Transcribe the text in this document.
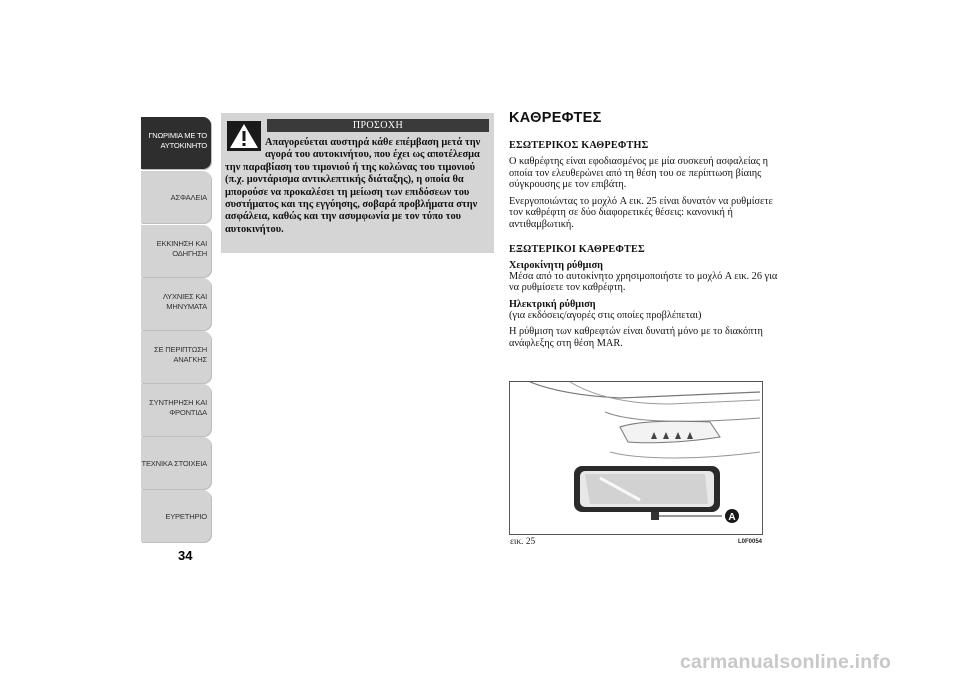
ΓΝΩΡΙΜΙΑ ΜΕ ΤΟ
ΑΥΤΟΚΙΝΗΤΟ
ΑΣΦΑΛΕΙΑ
ΕΚΚΙΝΗΣΗ ΚΑΙ
ΟΔΗΓΗΣΗ
ΛΥΧΝΙΕΣ ΚΑΙ
ΜΗΝΥΜΑΤΑ
ΣΕ ΠΕΡΙΠΤΩΣΗ
ΑΝΑΓΚΗΣ
ΣΥΝΤΗΡΗΣΗ ΚΑΙ
ΦΡΟΝΤΙΔΑ
ΤΕΧΝΙΚΑ ΣΤΟΙΧΕΙΑ
ΕΥΡΕΤΗΡΙΟ
34
ΠΡΟΣΟΧΗ
Απαγορεύεται αυστηρά κάθε επέμβαση μετά την αγορά του αυτοκινήτου, που έχει ως αποτέλεσμα την παραβίαση του τιμονιού ή της κολώνας του τιμονιού (π.χ. μοντάρισμα αντικλεπτικής διάταξης), η οποία θα μπορούσε να προκαλέσει τη μείωση των επιδόσεων του συστήματος και της εγγύησης, σοβαρά προβλήματα στην ασφάλεια, καθώς και την ασυμφωνία με τον τύπο του αυτοκινήτου.
ΚΑΘΡΕΦΤΕΣ
ΕΣΩΤΕΡΙΚΟΣ ΚΑΘΡΕΦΤΗΣ

Ο καθρέφτης είναι εφοδιασμένος με μία συσκευή ασφαλείας η οποία τον ελευθερώνει από τη θέση του σε περίπτωση βίαιης σύγκρουσης με τον επιβάτη.

Ενεργοποιώντας το μοχλό A εικ. 25 είναι δυνατόν να ρυθμίσετε τον καθρέφτη σε δύο διαφορετικές θέσεις: κανονική ή αντιθαμβωτική.

ΕΞΩΤΕΡΙΚΟΙ ΚΑΘΡΕΦΤΕΣ
Χειροκίνητη ρύθμιση

Μέσα από το αυτοκίνητο χρησιμοποιήστε το μοχλό A εικ. 26 για να ρυθμίσετε τον καθρέφτη.

Ηλεκτρική ρύθμιση

(για εκδόσεις/αγορές στις οποίες προβλέπεται)

Η ρύθμιση των καθρεφτών είναι δυνατή μόνο με το διακόπτη ανάφλεξης στη θέση MAR.

A
εικ. 25	L0F0054
carmanualsonline.info
